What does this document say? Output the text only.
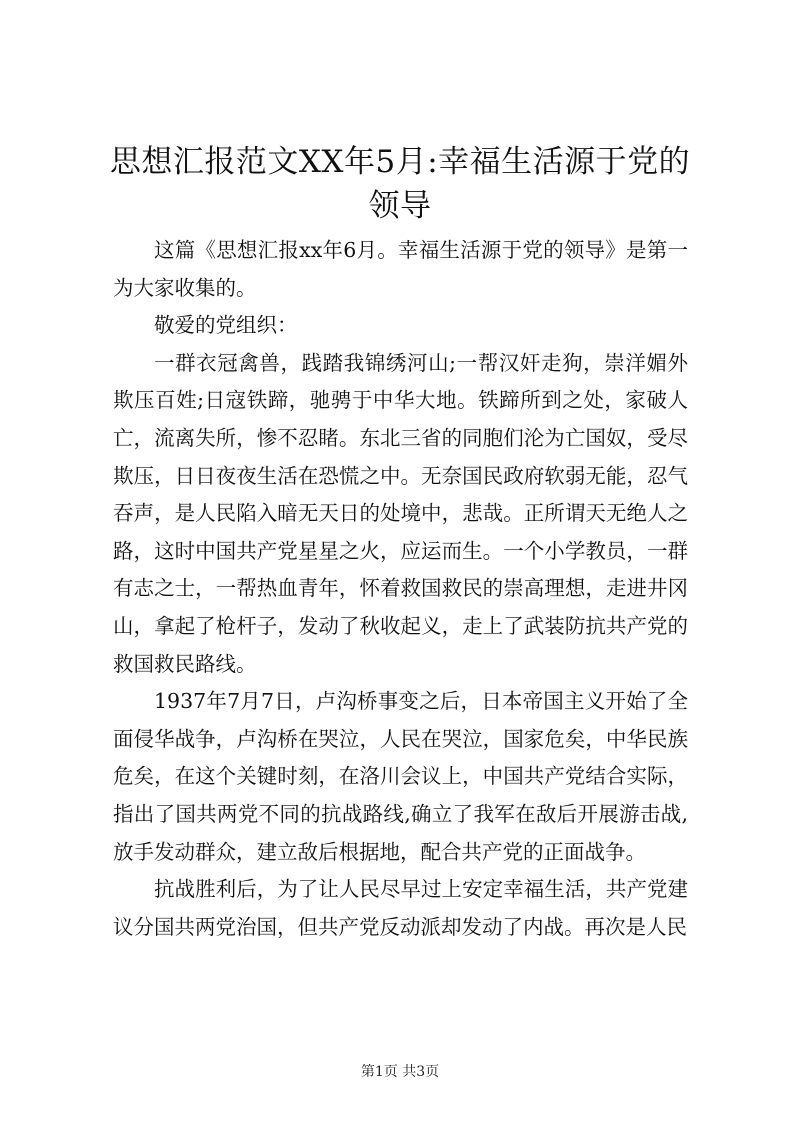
思想汇报范文XX年5月:幸福生活源于党的领导

这篇《思想汇报xx年6月。幸福生活源于党的领导》是第一为大家收集的。

敬爱的党组织：

一群衣冠禽兽，践踏我锦绣河山;一帮汉奸走狗，崇洋媚外欺压百姓;日寇铁蹄，驰骋于中华大地。铁蹄所到之处，家破人亡，流离失所，惨不忍睹。东北三省的同胞们沦为亡国奴，受尽欺压，日日夜夜生活在恐慌之中。无奈国民政府软弱无能，忍气吞声，是人民陷入暗无天日的处境中，悲哉。正所谓天无绝人之路，这时中国共产党星星之火，应运而生。一个小学教员，一群有志之士，一帮热血青年，怀着救国救民的崇高理想，走进井冈山，拿起了枪杆子，发动了秋收起义，走上了武装防抗共产党的救国救民路线。

1937年7月7日，卢沟桥事变之后，日本帝国主义开始了全面侵华战争，卢沟桥在哭泣，人民在哭泣，国家危矣，中华民族危矣，在这个关键时刻，在洛川会议上，中国共产党结合实际，指出了国共两党不同的抗战路线,确立了我军在敌后开展游击战,放手发动群众，建立敌后根据地，配合共产党的正面战争。

抗战胜利后，为了让人民尽早过上安定幸福生活，共产党建议分国共两党治国，但共产党反动派却发动了内战。再次是人民

第1页 共3页
